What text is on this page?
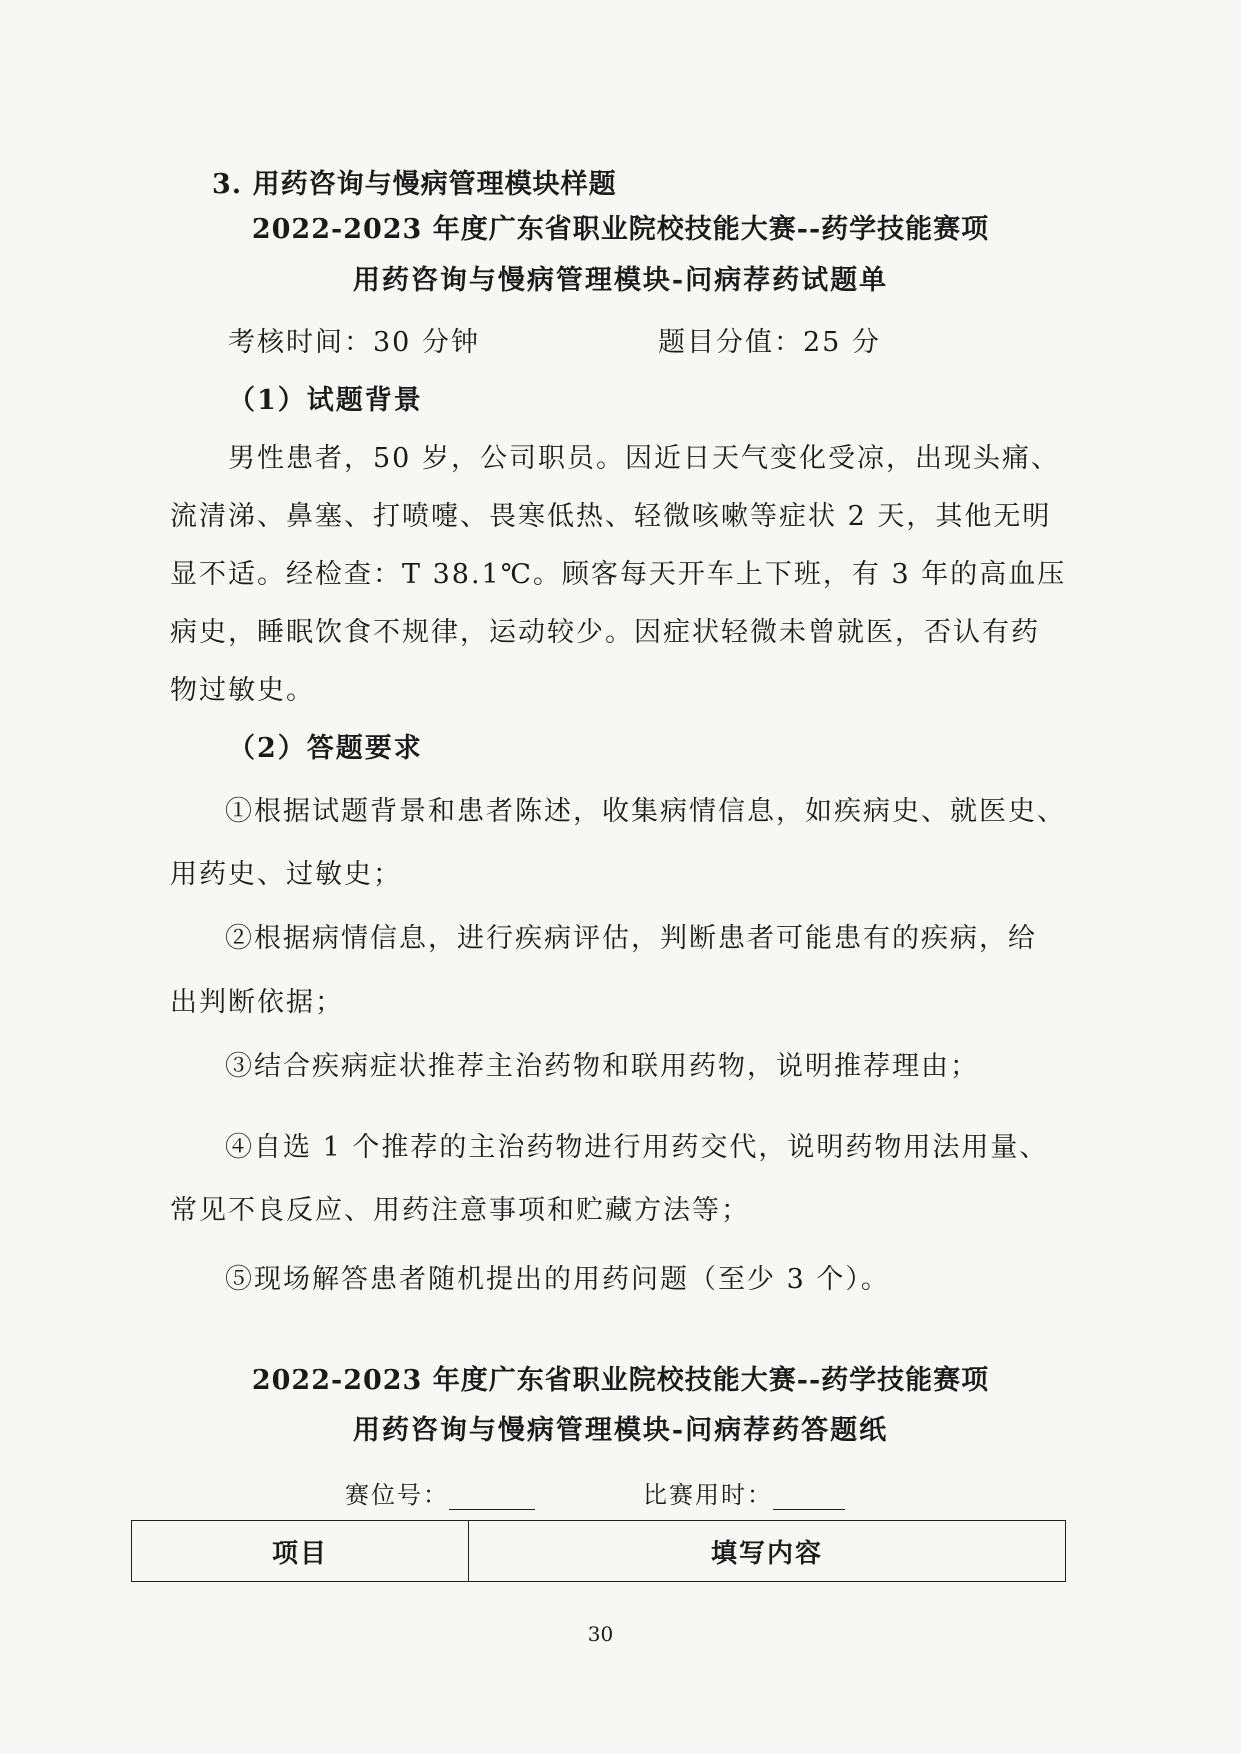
3. 用药咨询与慢病管理模块样题
2022-2023 年度广东省职业院校技能大赛--药学技能赛项
用药咨询与慢病管理模块-问病荐药试题单
考核时间：30 分钟	题目分值：25 分
（1）试题背景
男性患者，50 岁，公司职员。因近日天气变化受凉，出现头痛、
流清涕、鼻塞、打喷嚏、畏寒低热、轻微咳嗽等症状 2 天，其他无明
显不适。经检查：T 38.1℃。顾客每天开车上下班，有 3 年的高血压
病史，睡眠饮食不规律，运动较少。因症状轻微未曾就医，否认有药
物过敏史。
（2）答题要求
①根据试题背景和患者陈述，收集病情信息，如疾病史、就医史、
用药史、过敏史；
②根据病情信息，进行疾病评估，判断患者可能患有的疾病，给
出判断依据；
③结合疾病症状推荐主治药物和联用药物，说明推荐理由；
④自选 1 个推荐的主治药物进行用药交代，说明药物用法用量、
常见不良反应、用药注意事项和贮藏方法等；
⑤现场解答患者随机提出的用药问题（至少 3 个）。
2022-2023 年度广东省职业院校技能大赛--药学技能赛项
用药咨询与慢病管理模块-问病荐药答题纸
赛位号：	比赛用时：
项目	填写内容
30
